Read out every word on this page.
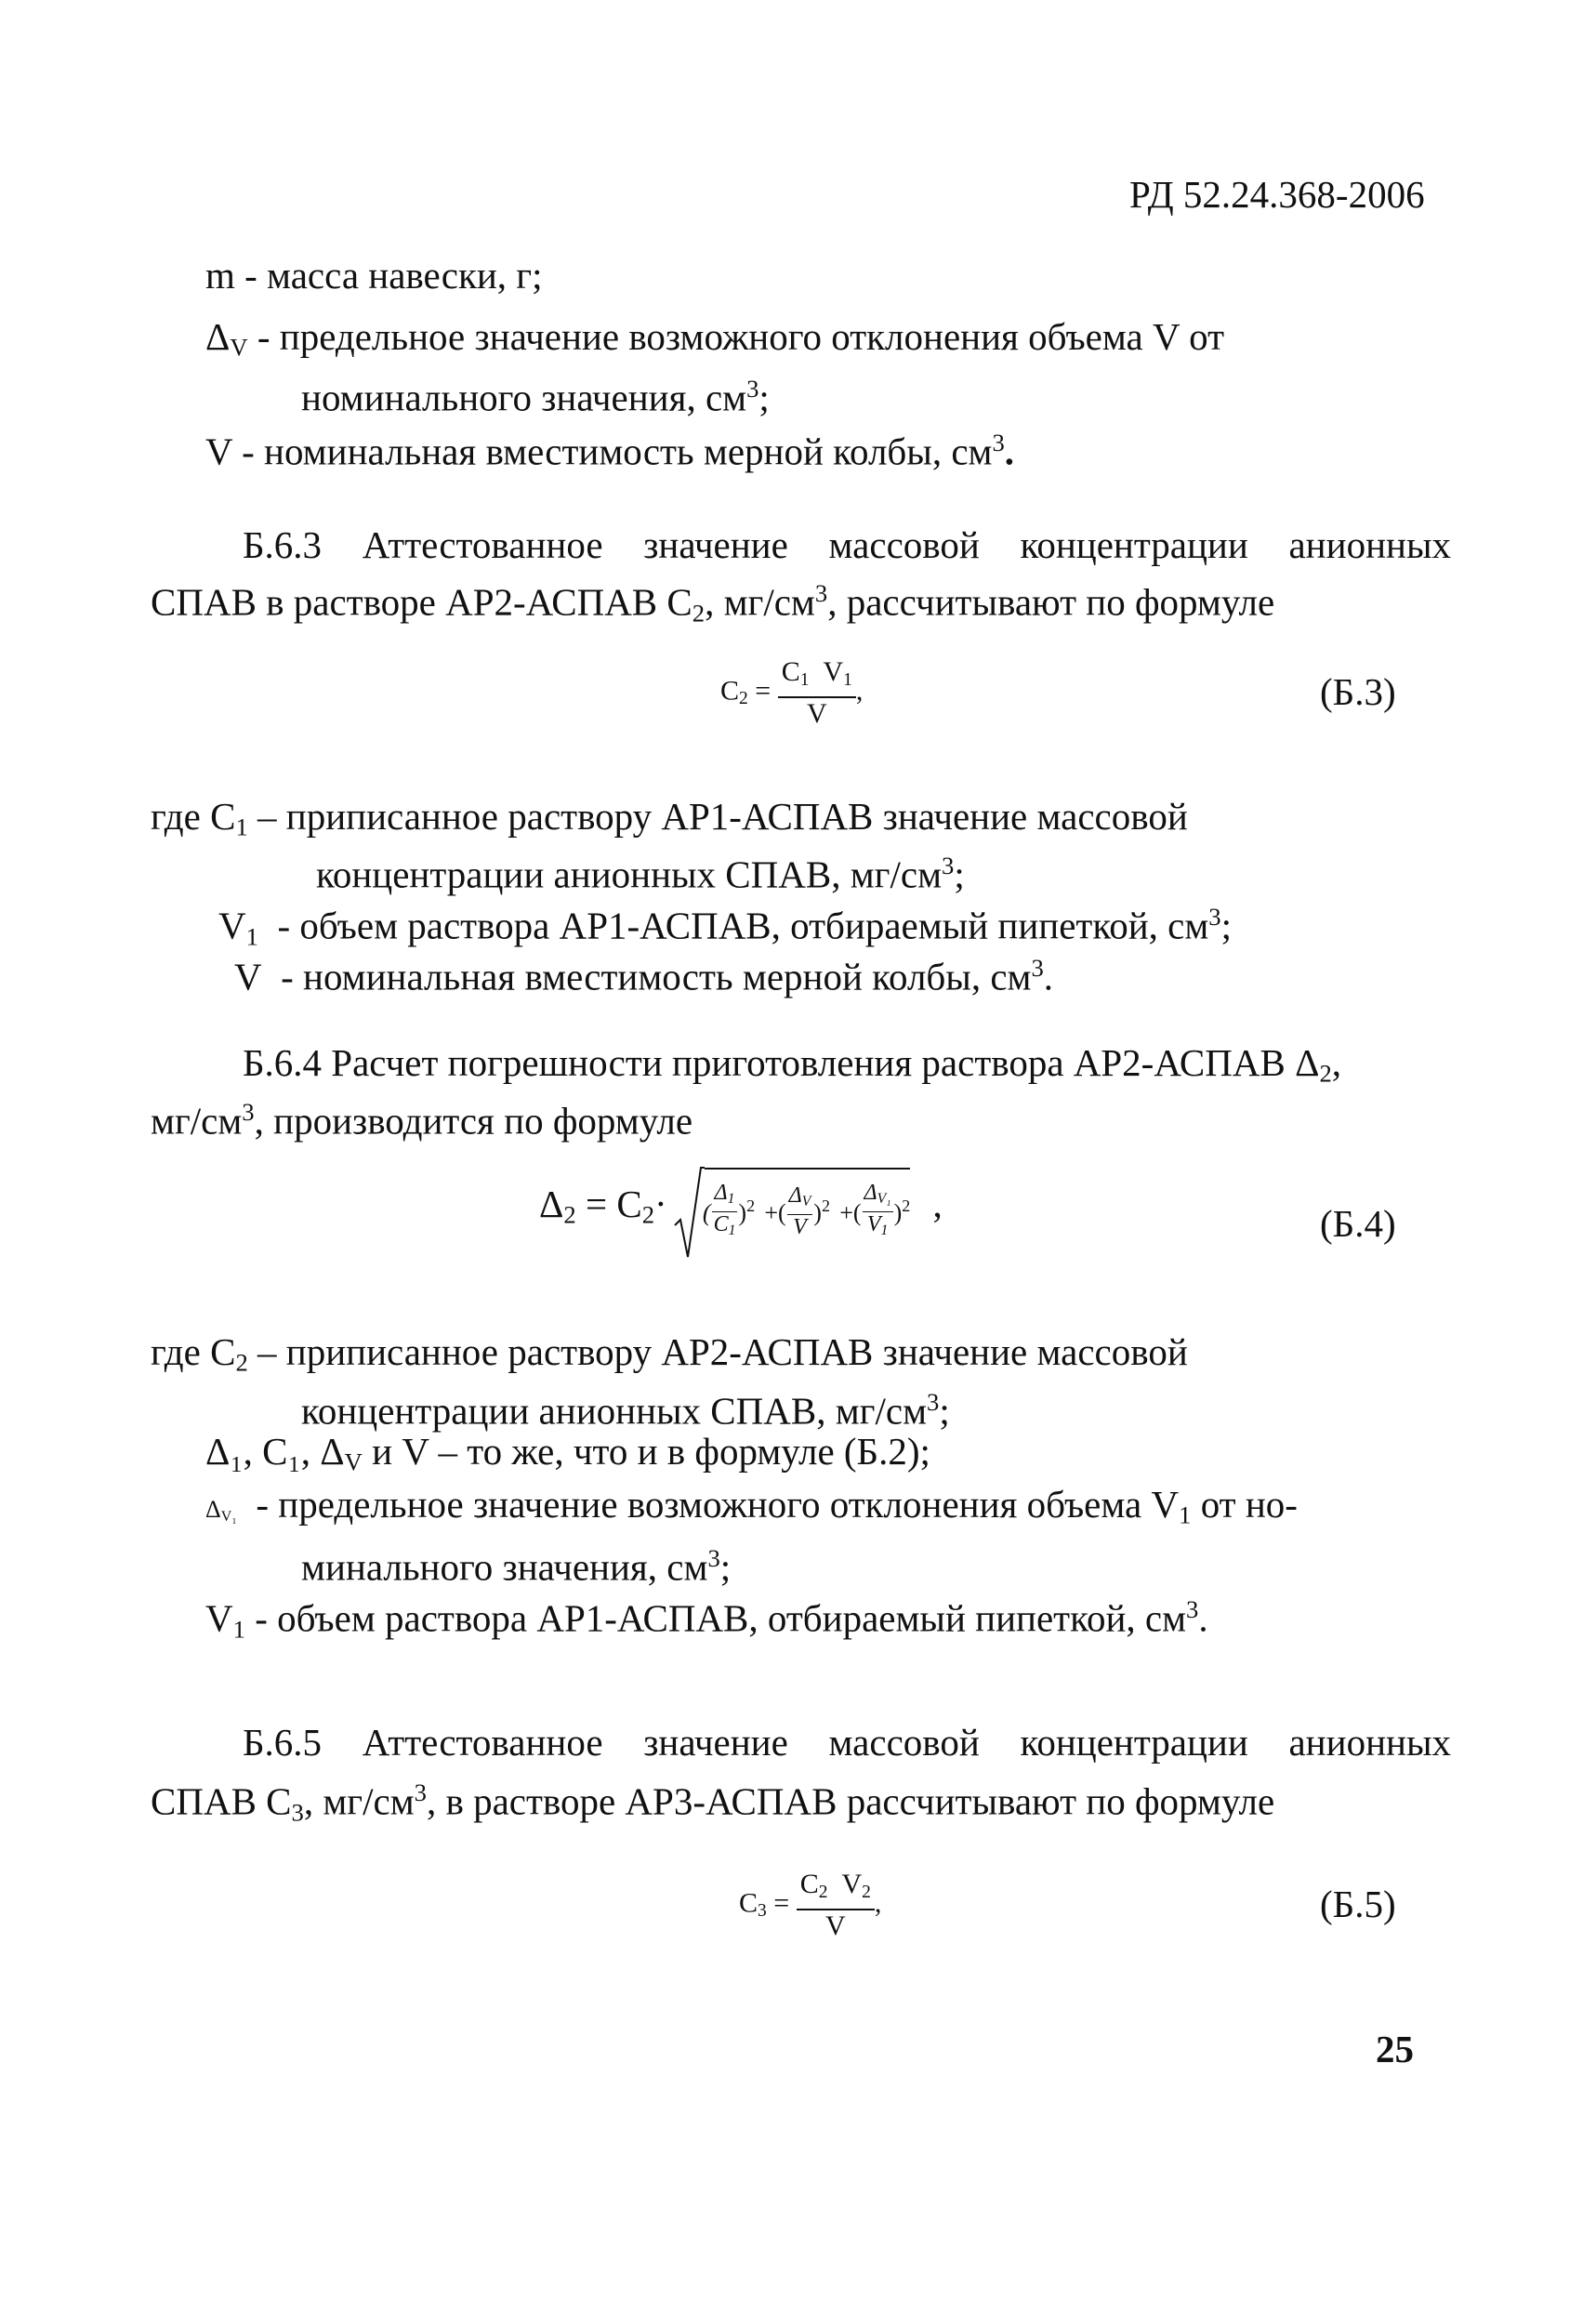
РД 52.24.368-2006
m - масса навески, г;
$\Delta_V$ - предельное значение возможного отклонения объема V от
номинального значения, $см^3$;
V - номинальная вместимость мерной колбы, $см^3$.
Б.6.3 Аттестованное значение массовой концентрации анионных
СПАВ в растворе АР2-АСПАВ $С_2$, $мг/см^3$, рассчитывают по формуле
$C_2 = \frac{C_1 V_1}{V}$ ,	(Б.3)
где $С_1$ – приписанное раствору АР1-АСПАВ значение массовой
концентрации анионных СПАВ, $мг/см^3$;
$V_1$ - объем раствора АР1-АСПАВ, отбираемый пипеткой, $см^3$;
V - номинальная вместимость мерной колбы, $см^3$.
Б.6.4 Расчет погрешности приготовления раствора АР2-АСПАВ $\Delta_2$,
$мг/см^3$, производится по формуле
$\Delta_2 = C_2\cdot$ ( $\frac{\Delta_1}{C_1} )^2$ +( $\frac{\Delta_V}{V} )^2$ +( $\frac{\Delta_{V_1}}{V_1} )^2$ ,	(Б.4)
где $С_2$ – приписанное раствору АР2-АСПАВ значение массовой
концентрации анионных СПАВ, $мг/см^3$;
Δ₁, С₁, $\Delta_V$ и V – то же, что и в формуле (Б.2);
$\Delta_{V_1}$ - предельное значение возможного отклонения объема $V_1$ от но-
минального значения, $см^3$;
$V_1$ - объем раствора АР1-АСПАВ, отбираемый пипеткой, $см^3$.
Б.6.5 Аттестованное значение массовой концентрации анионных
СПАВ $С_3$, $мг/см^3$, в растворе АР3-АСПАВ рассчитывают по формуле
$C_3 = \frac{C_2 V_2}{V}$ ,	(Б.5)
25
